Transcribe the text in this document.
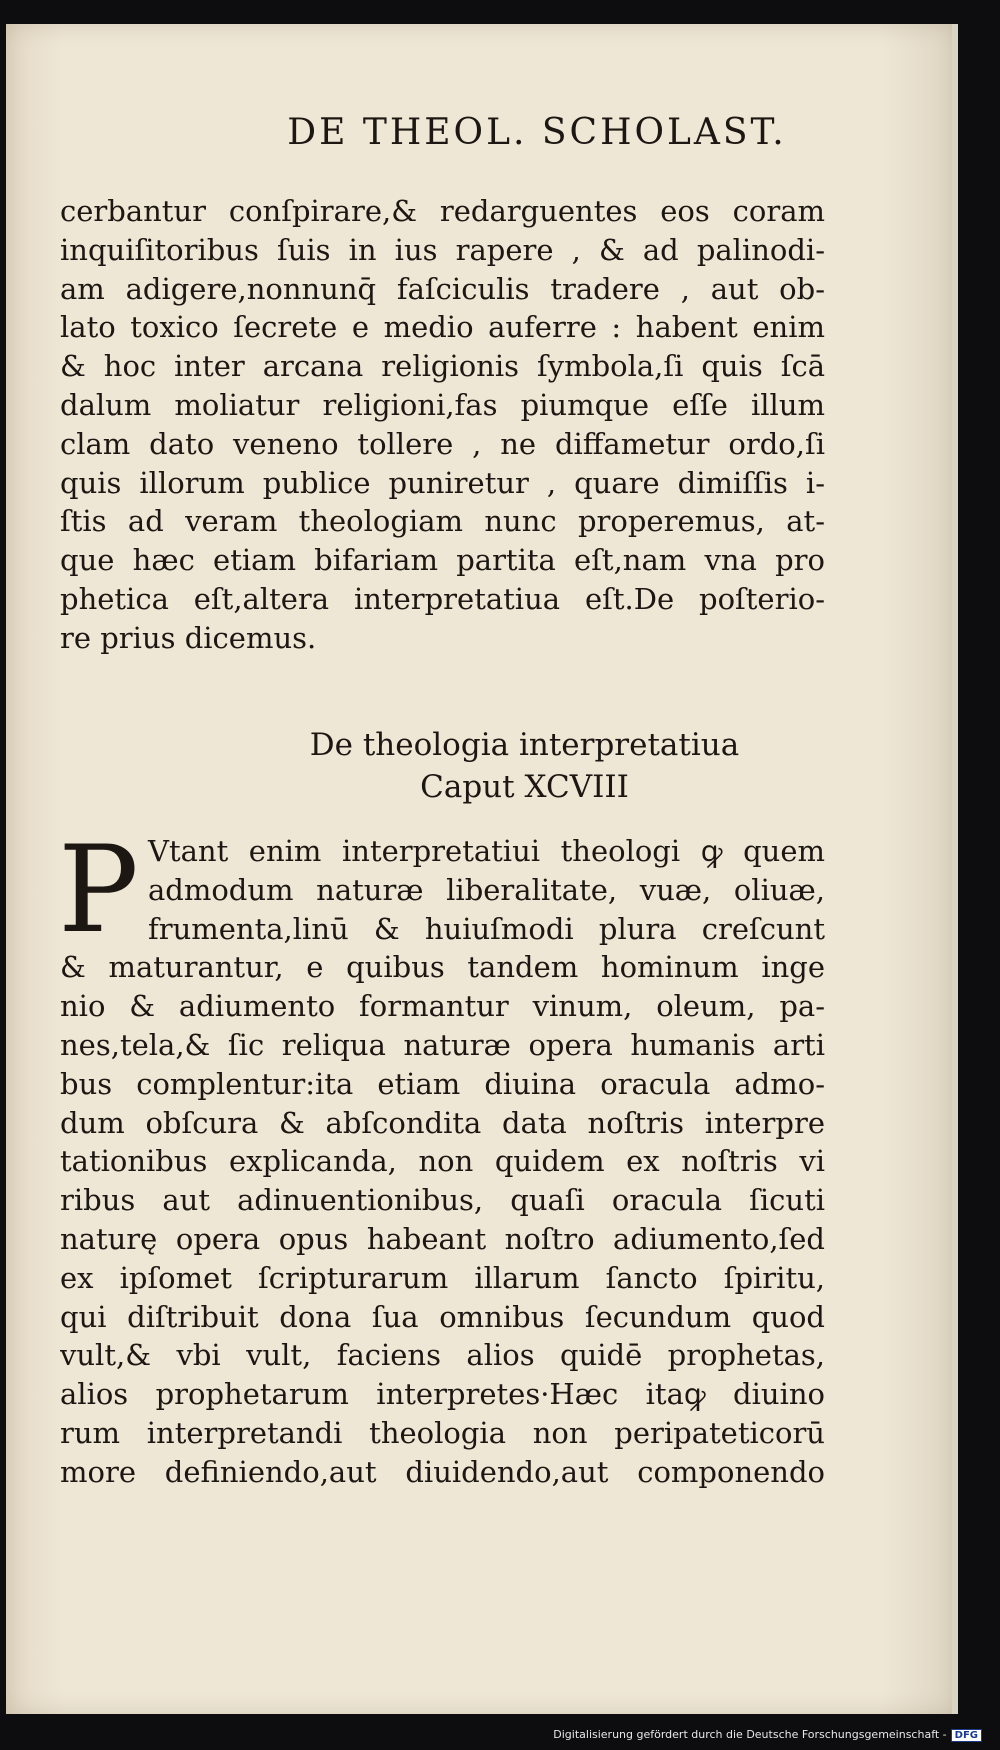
DE THEOL. SCHOLAST.
cerbantur conſpirare,& redarguentes eos coram
inquiſitoribus ſuis in ius rapere , & ad palinodi-
am adigere,nonnunq̄ faſciculis tradere , aut ob-
lato toxico ſecrete e medio auferre : habent enim
& hoc inter arcana religionis ſymbola,ſi quis ſcā
dalum moliatur religioni,fas piumque eſſe illum
clam dato veneno tollere , ne diffametur ordo,ſi
quis illorum publice puniretur , quare dimiſſis i-
ſtis ad veram theologiam nunc properemus, at-
que hæc etiam bifariam partita eſt,nam vna pro
phetica eſt,altera interpretatiua eſt.De poſterio-
re prius dicemus.
De theologia interpretatiua
Caput XCVIII
P Vtant enim interpretatiui theologi ꝙ quem
admodum naturæ liberalitate, vuæ, oliuæ,
frumenta,linū & huiuſmodi plura creſcunt
& maturantur, e quibus tandem hominum inge
nio & adiumento formantur vinum, oleum, pa-
nes,tela,& ſic reliqua naturæ opera humanis arti
bus complentur:ita etiam diuina oracula admo-
dum obſcura & abſcondita data noſtris interpre
tationibus explicanda, non quidem ex noſtris vi
ribus aut adinuentionibus, quaſi oracula ſicuti
naturę opera opus habeant noſtro adiumento,ſed
ex ipſomet ſcripturarum illarum ſancto ſpiritu,
qui diſtribuit dona ſua omnibus ſecundum quod
vult,& vbi vult, faciens alios quidē prophetas,
alios prophetarum interpretes·Hæc itaꝙ diuino
rum interpretandi theologia non peripateticorū
more definiendo,aut diuidendo,aut componendo
Digitalisierung gefördert durch die Deutsche Forschungsgemeinschaft - DFG
